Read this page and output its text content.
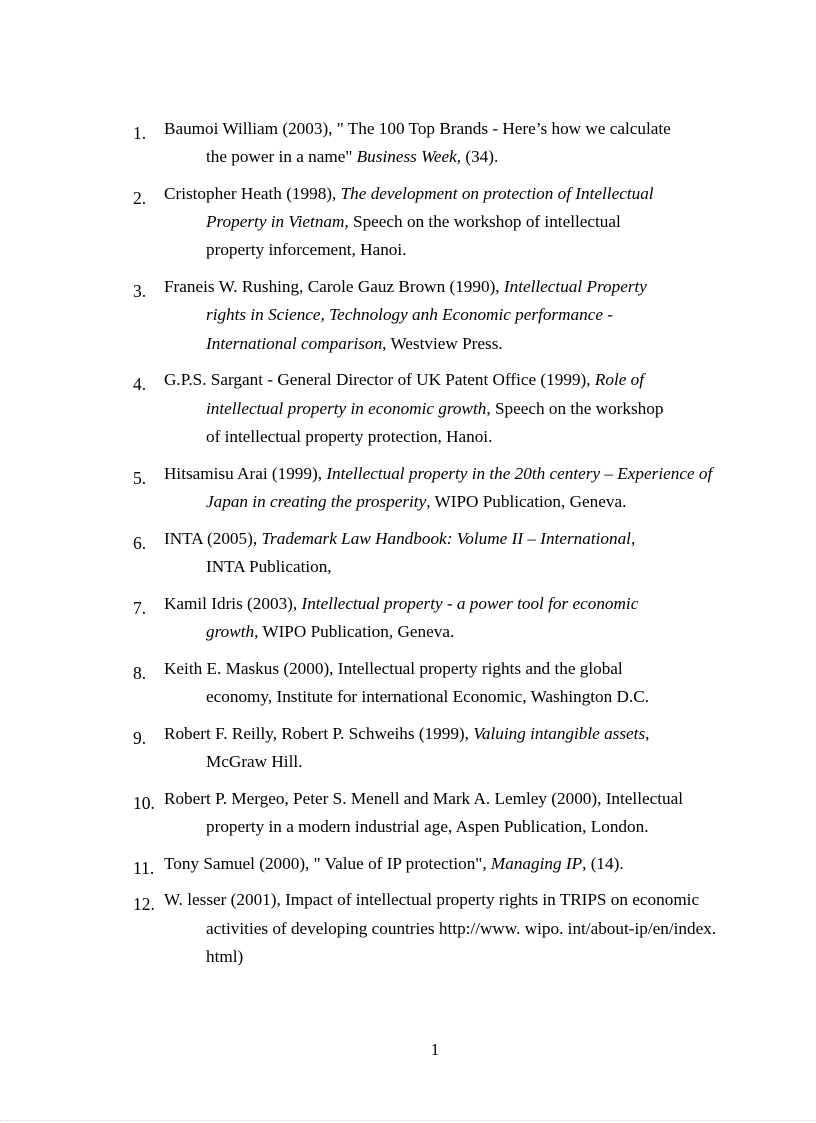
1. Baumoi William (2003), " The 100 Top Brands - Here’s how we calculate
the power in a name" Business Week, (34).
2. Cristopher Heath (1998), The development on protection of Intellectual
Property in Vietnam, Speech on the workshop of intellectual
property inforcement, Hanoi.
3. Franeis W. Rushing, Carole Gauz Brown (1990), Intellectual Property
rights in Science, Technology anh Economic performance -
International comparison, Westview Press.
4. G.P.S. Sargant - General Director of UK Patent Office (1999), Role of
intellectual property in economic growth, Speech on the workshop
of intellectual property protection, Hanoi.
5. Hitsamisu Arai (1999), Intellectual property in the 20th centery – Experience of
Japan in creating the prosperity, WIPO Publication, Geneva.
6. INTA (2005), Trademark Law Handbook: Volume II – International,
INTA Publication,
7. Kamil Idris (2003), Intellectual property - a power tool for economic
growth, WIPO Publication, Geneva.
8. Keith E. Maskus (2000), Intellectual property rights and the global
economy, Institute for international Economic, Washington D.C.
9. Robert F. Reilly, Robert P. Schweihs (1999), Valuing intangible assets,
McGraw Hill.
10. Robert P. Mergeo, Peter S. Menell and Mark A. Lemley (2000), Intellectual
property in a modern industrial age, Aspen Publication, London.
11. Tony Samuel (2000), " Value of IP protection", Managing IP, (14).
12. W. lesser (2001), Impact of intellectual property rights in TRIPS on economic
activities of developing countries http://www. wipo. int/about-ip/en/index.
html)
1
